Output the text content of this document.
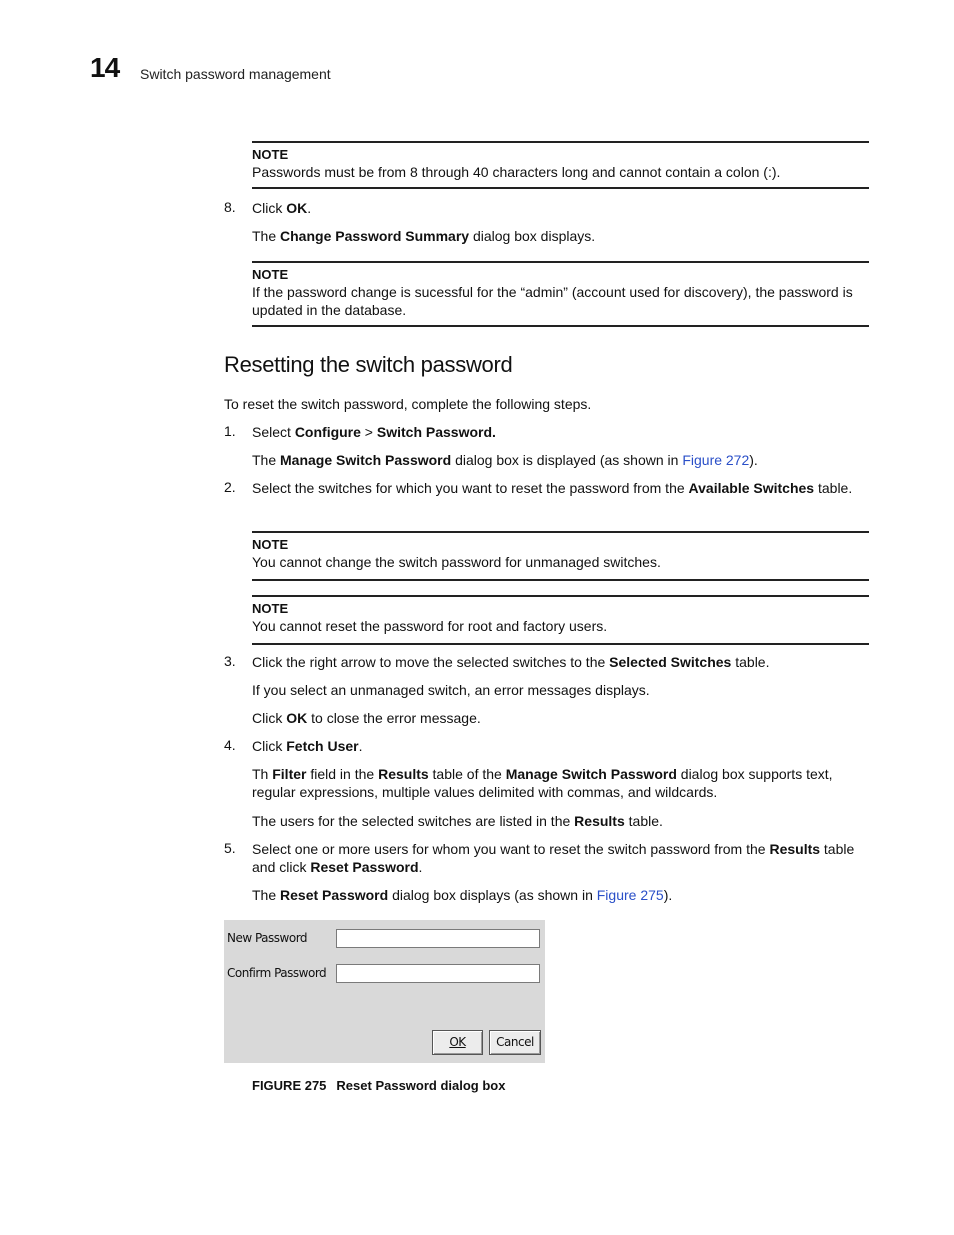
14 Switch password management
NOTE
Passwords must be from 8 through 40 characters long and cannot contain a colon (:).
8. Click OK.
The Change Password Summary dialog box displays.
NOTE
If the password change is sucessful for the “admin” (account used for discovery), the password is updated in the database.
Resetting the switch password
To reset the switch password, complete the following steps.
1. Select Configure > Switch Password.
The Manage Switch Password dialog box is displayed (as shown in Figure 272).
2. Select the switches for which you want to reset the password from the Available Switches table.
NOTE
You cannot change the switch password for unmanaged switches.
NOTE
You cannot reset the password for root and factory users.
3. Click the right arrow to move the selected switches to the Selected Switches table.
If you select an unmanaged switch, an error messages displays.
Click OK to close the error message.
4. Click Fetch User.
Th Filter field in the Results table of the Manage Switch Password dialog box supports text, regular expressions, multiple values delimited with commas, and wildcards.
The users for the selected switches are listed in the Results table.
5. Select one or more users for whom you want to reset the switch password from the Results table and click Reset Password.
The Reset Password dialog box displays (as shown in Figure 275).
New Password
Confirm Password
OK	Cancel
FIGURE 275 Reset Password dialog box
